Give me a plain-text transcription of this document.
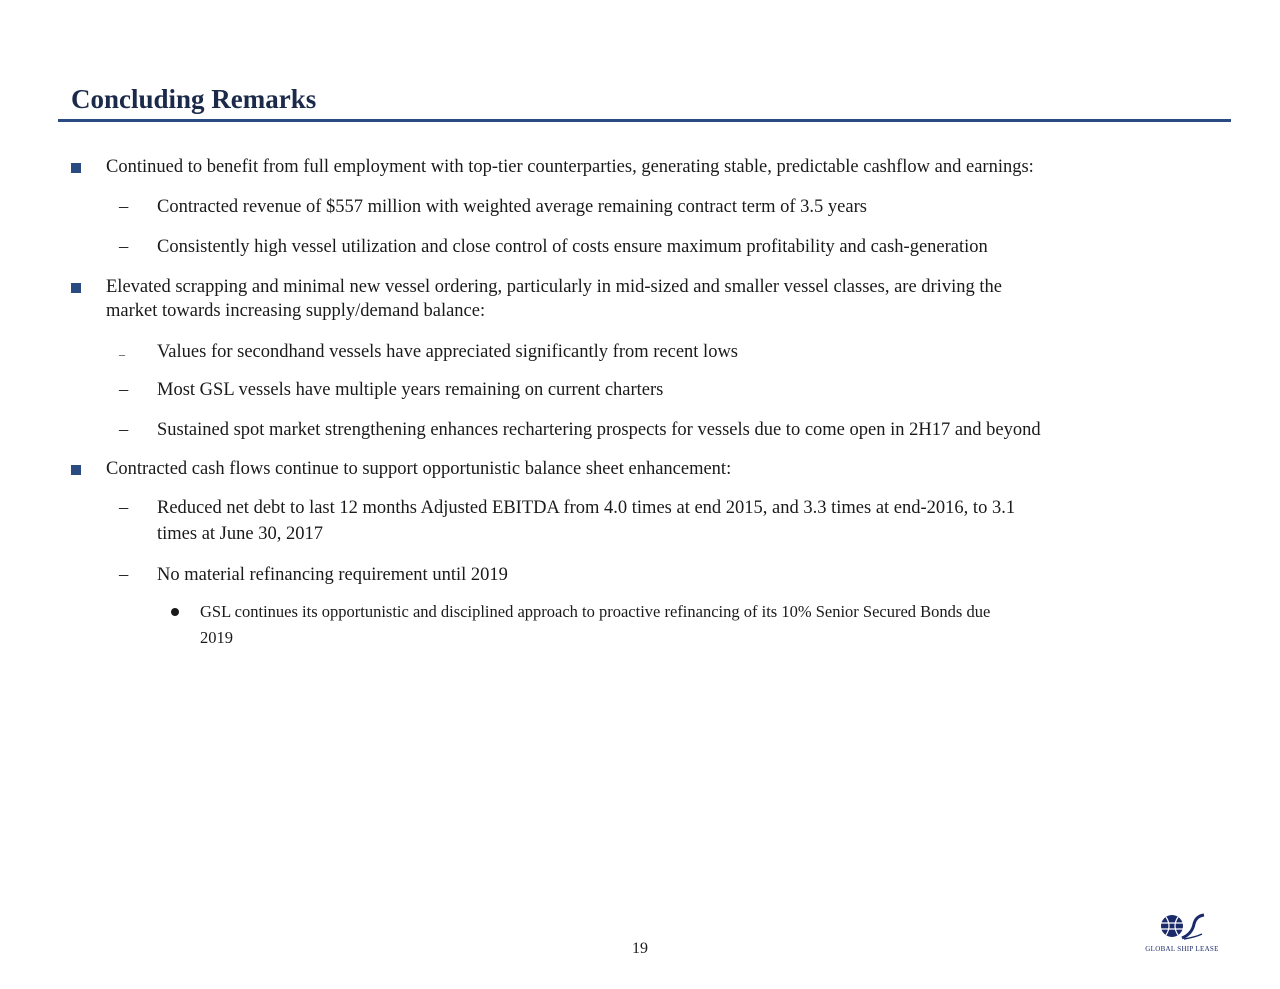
Concluding Remarks
Continued to benefit from full employment with top-tier counterparties, generating stable, predictable cashflow and earnings:
– Contracted revenue of $557 million with weighted average remaining contract term of 3.5 years
– Consistently high vessel utilization and close control of costs ensure maximum profitability and cash-generation
Elevated scrapping and minimal new vessel ordering, particularly in mid-sized and smaller vessel classes, are driving the
market towards increasing supply/demand balance:
– Values for secondhand vessels have appreciated significantly from recent lows
– Most GSL vessels have multiple years remaining on current charters
– Sustained spot market strengthening enhances rechartering prospects for vessels due to come open in 2H17 and beyond
Contracted cash flows continue to support opportunistic balance sheet enhancement:
– Reduced net debt to last 12 months Adjusted EBITDA from 4.0 times at end 2015, and 3.3 times at end-2016, to 3.1
times at June 30, 2017
– No material refinancing requirement until 2019
GSL continues its opportunistic and disciplined approach to proactive refinancing of its 10% Senior Secured Bonds due
2019
19	GLOBAL SHIP LEASE
